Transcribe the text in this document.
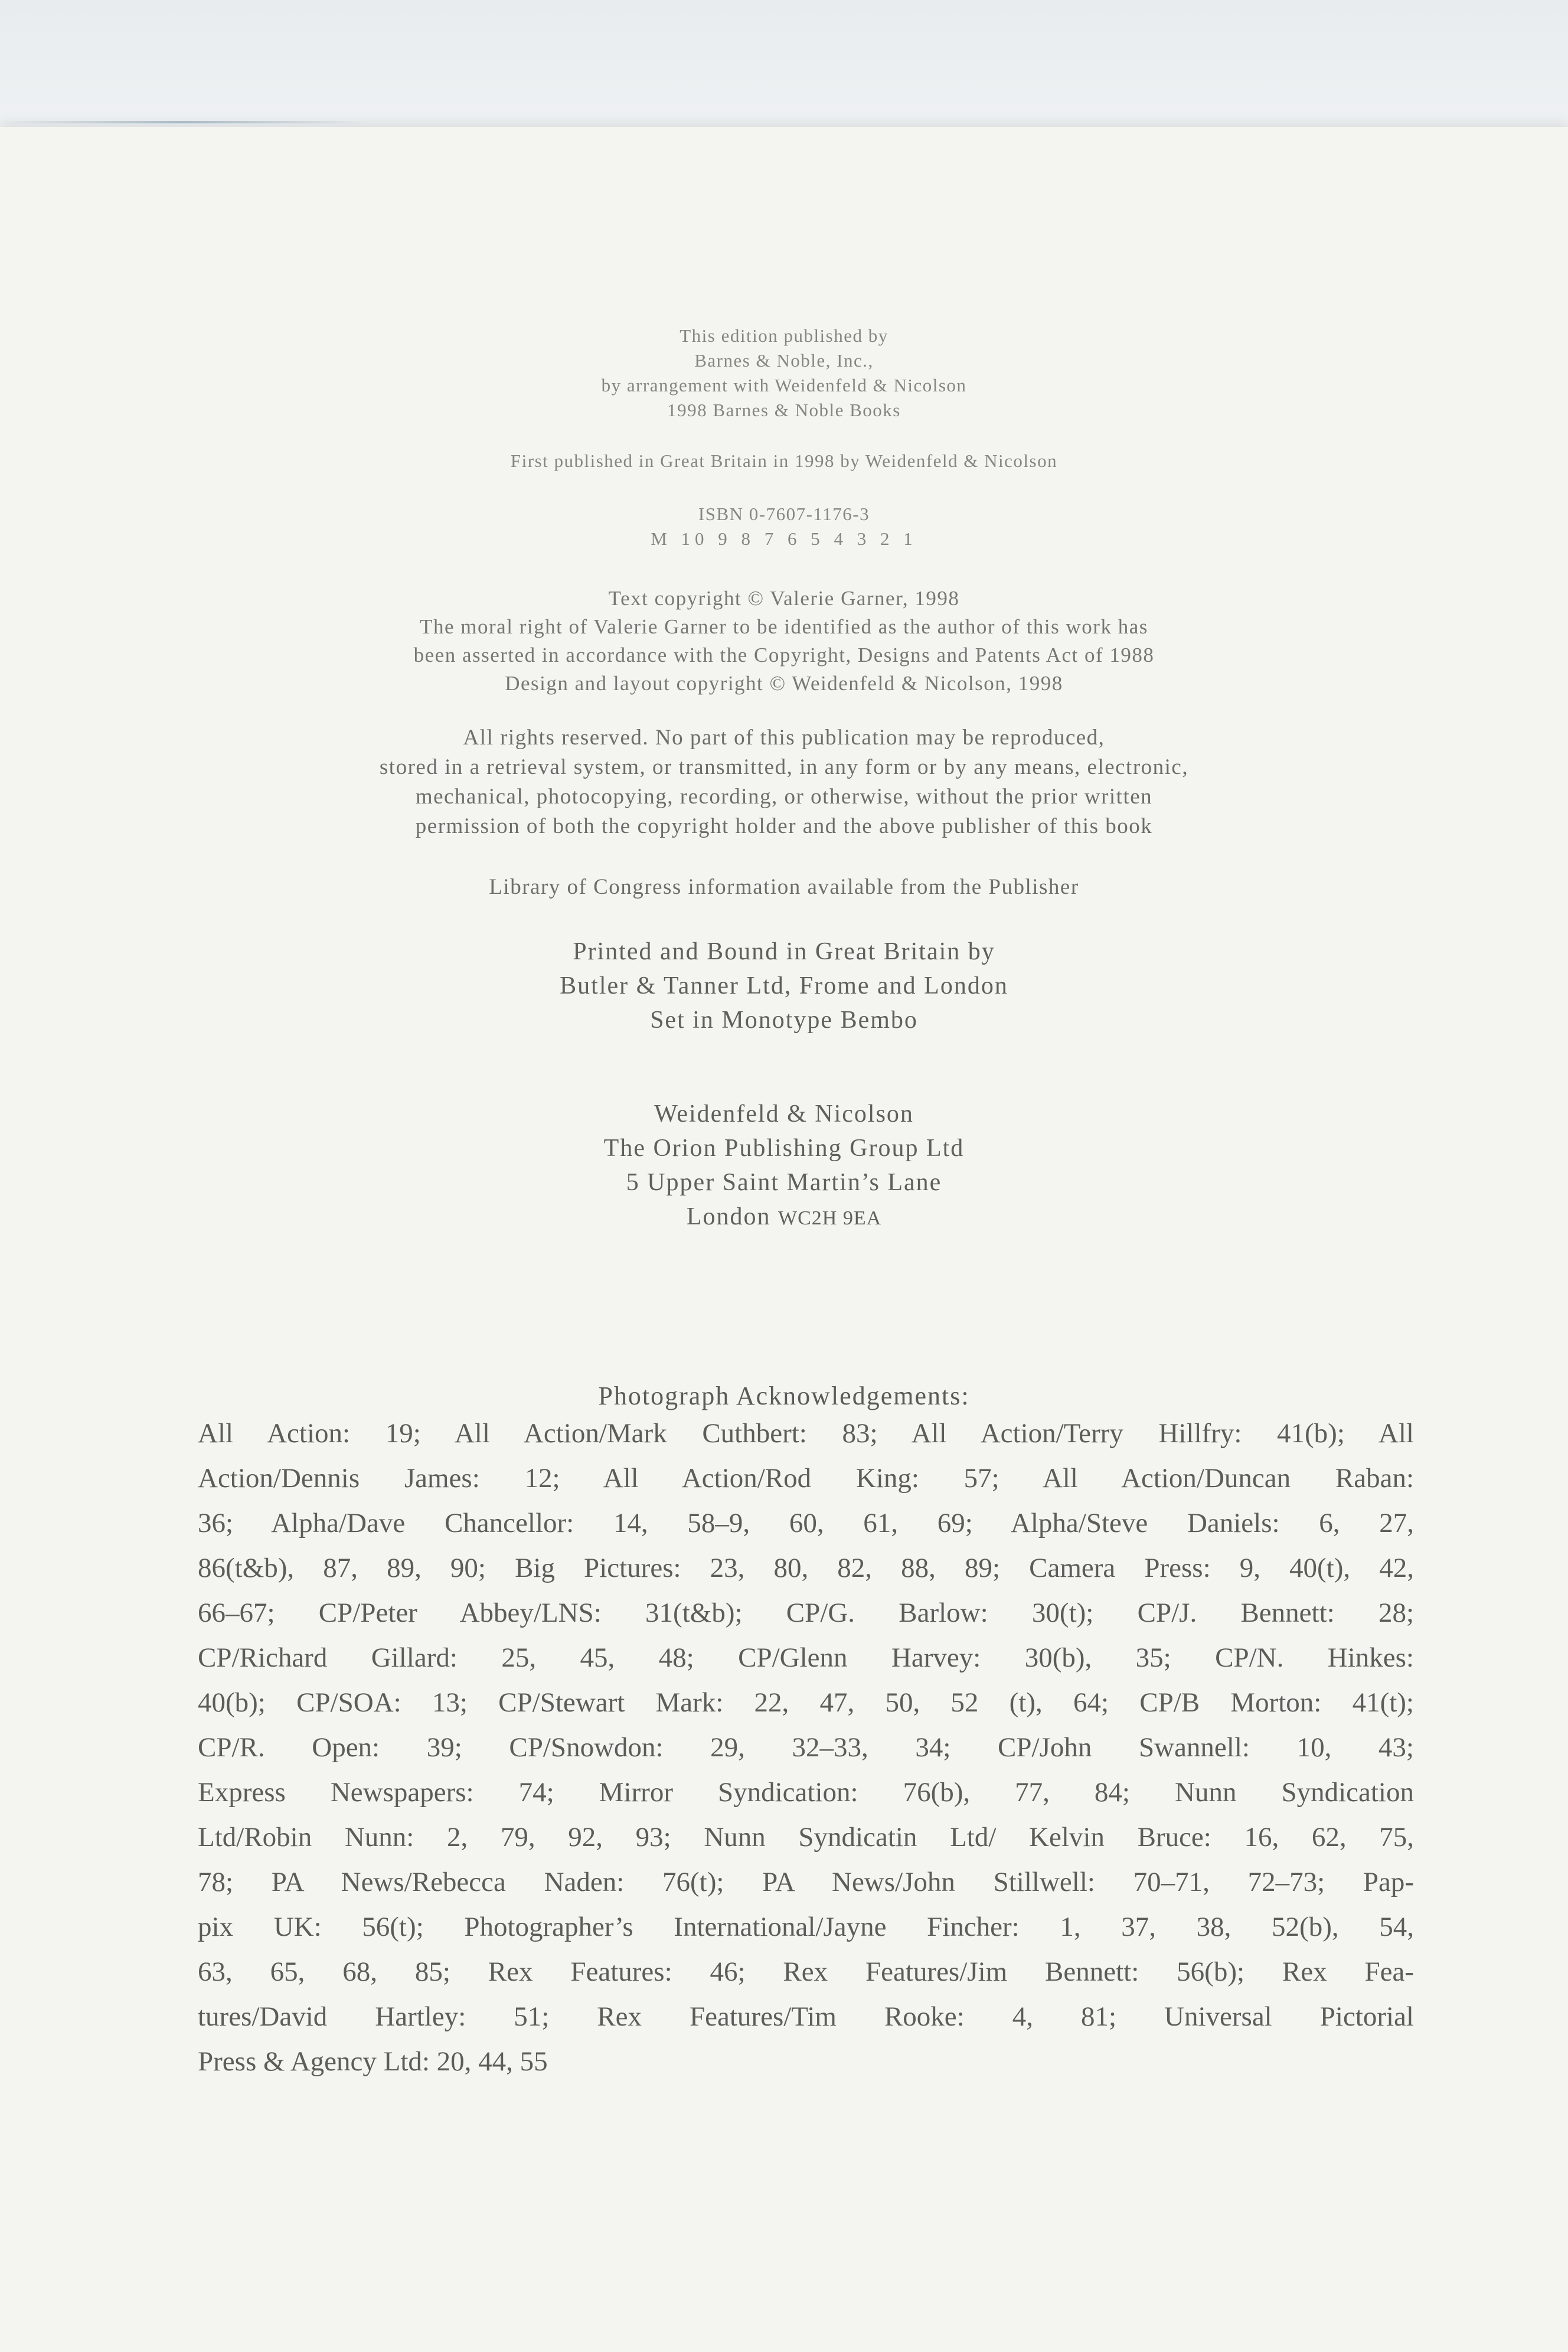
This edition published by
Barnes & Noble, Inc.,
by arrangement with Weidenfeld & Nicolson
1998 Barnes & Noble Books
First published in Great Britain in 1998 by Weidenfeld & Nicolson
ISBN 0-7607-1176-3
M 10 9 8 7 6 5 4 3 2 1
Text copyright © Valerie Garner, 1998
The moral right of Valerie Garner to be identified as the author of this work has
been asserted in accordance with the Copyright, Designs and Patents Act of 1988
Design and layout copyright © Weidenfeld & Nicolson, 1998
All rights reserved. No part of this publication may be reproduced,
stored in a retrieval system, or transmitted, in any form or by any means, electronic,
mechanical, photocopying, recording, or otherwise, without the prior written
permission of both the copyright holder and the above publisher of this book
Library of Congress information available from the Publisher
Printed and Bound in Great Britain by
Butler & Tanner Ltd, Frome and London
Set in Monotype Bembo
Weidenfeld & Nicolson
The Orion Publishing Group Ltd
5 Upper Saint Martin’s Lane
London WC2H 9EA
Photograph Acknowledgements:
All Action: 19; All Action/Mark Cuthbert: 83; All Action/Terry Hillfry: 41(b); All
Action/Dennis James: 12; All Action/Rod King: 57; All Action/Duncan Raban:
36; Alpha/Dave Chancellor: 14, 58–9, 60, 61, 69; Alpha/Steve Daniels: 6, 27,
86(t&b), 87, 89, 90; Big Pictures: 23, 80, 82, 88, 89; Camera Press: 9, 40(t), 42,
66–67; CP/Peter Abbey/LNS: 31(t&b); CP/G. Barlow: 30(t); CP/J. Bennett: 28;
CP/Richard Gillard: 25, 45, 48; CP/Glenn Harvey: 30(b), 35; CP/N. Hinkes:
40(b); CP/SOA: 13; CP/Stewart Mark: 22, 47, 50, 52 (t), 64; CP/B Morton: 41(t);
CP/R. Open: 39; CP/Snowdon: 29, 32–33, 34; CP/John Swannell: 10, 43;
Express Newspapers: 74; Mirror Syndication: 76(b), 77, 84; Nunn Syndication
Ltd/Robin Nunn: 2, 79, 92, 93; Nunn Syndicatin Ltd/ Kelvin Bruce: 16, 62, 75,
78; PA News/Rebecca Naden: 76(t); PA News/John Stillwell: 70–71, 72–73; Pap-
pix UK: 56(t); Photographer’s International/Jayne Fincher: 1, 37, 38, 52(b), 54,
63, 65, 68, 85; Rex Features: 46; Rex Features/Jim Bennett: 56(b); Rex Fea-
tures/David Hartley: 51; Rex Features/Tim Rooke: 4, 81; Universal Pictorial
Press & Agency Ltd: 20, 44, 55
